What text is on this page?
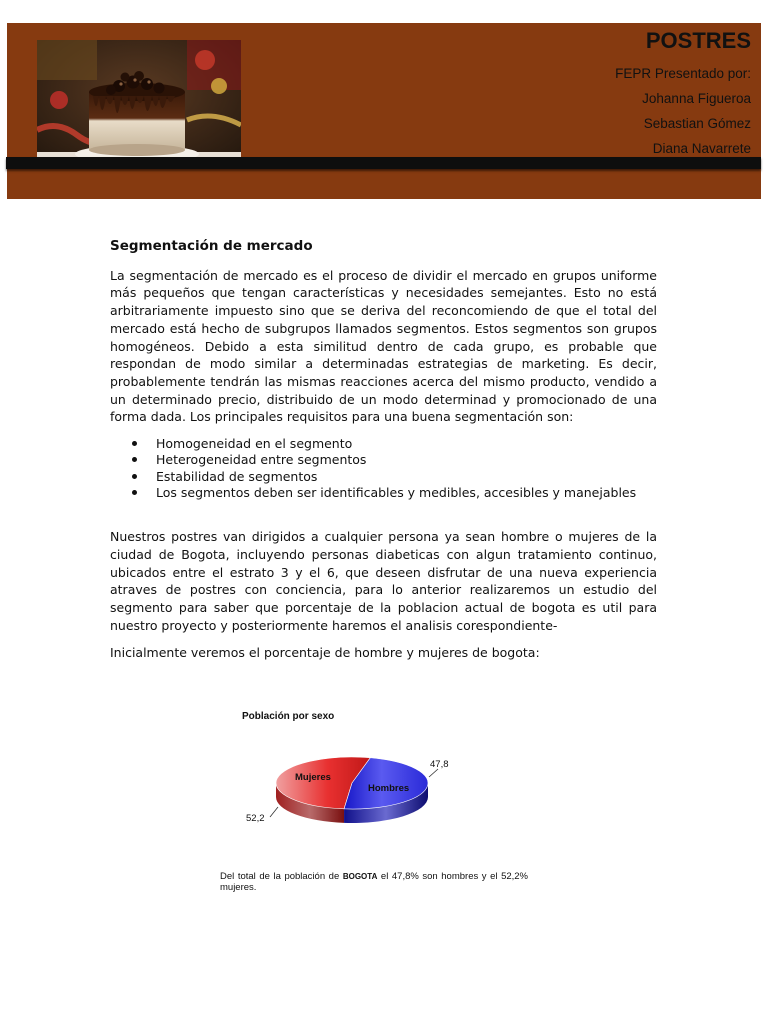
POSTRES
FEPR Presentado por:
Johanna Figueroa
Sebastian Gómez
Diana Navarrete
Segmentación de mercado

La segmentación de mercado es el proceso de dividir el mercado en grupos uniforme más pequeños que tengan características y necesidades semejantes. Esto no está arbitrariamente impuesto sino que se deriva del reconcomiendo de que el total del mercado está hecho de subgrupos llamados segmentos. Estos segmentos son grupos homogéneos. Debido a esta similitud dentro de cada grupo, es probable que respondan de modo similar a determinadas estrategias de marketing. Es decir, probablemente tendrán las mismas reacciones acerca del mismo producto, vendido a un determinado precio, distribuido de un modo determinad y promocionado de una forma dada. Los principales requisitos para una buena segmentación son:

Homogeneidad en el segmento
Heterogeneidad entre segmentos
Estabilidad de segmentos
Los segmentos deben ser identificables y medibles, accesibles y manejables

Nuestros postres van dirigidos a cualquier persona ya sean hombre o mujeres de la ciudad de Bogota, incluyendo personas diabeticas con algun tratamiento continuo, ubicados entre el estrato 3 y el 6, que deseen disfrutar de una nueva experiencia atraves de postres con conciencia, para lo anterior realizaremos un estudio del segmento para saber que porcentaje de la poblacion actual de bogota es util para nuestro proyecto y posteriormente haremos el analisis corespondiente-

Inicialmente veremos el porcentaje de hombre y mujeres de bogota:

Población por sexo
Mujeres
Hombres
47,8
52,2
Del total de la población de BOGOTA el 47,8% son hombres y el 52,2% mujeres.
